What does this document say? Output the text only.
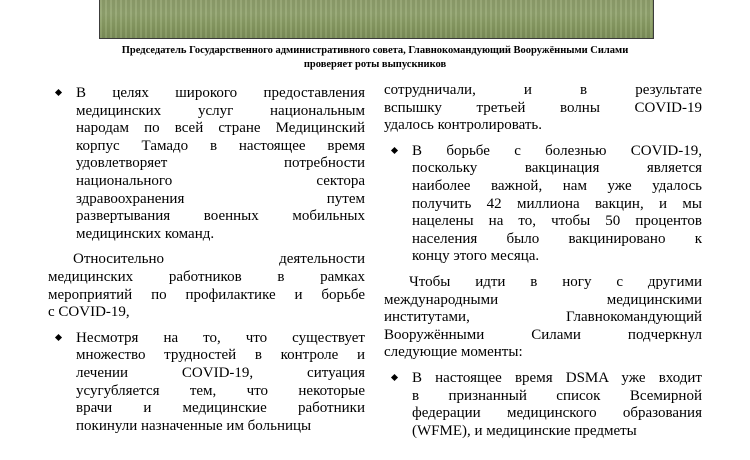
Председатель Государственного административного совета, Главнокомандующий Вооружёнными Силами
проверяет роты выпускников
В целях широкого предоставления
медицинских услуг национальным
народам по всей стране Медицинский
корпус Тамадо в настоящее время
удовлетворяет потребности
национального сектора
здравоохранения путем
развертывания военных мобильных
медицинских команд.
Относительно деятельности
медицинских работников в рамках
мероприятий по профилактике и борьбе
с COVID-19,
Несмотря на то, что существует
множество трудностей в контроле и
лечении COVID-19, ситуация
усугубляется тем, что некоторые
врачи и медицинские работники
покинули назначенные им больницы
сотрудничали, и в результате
вспышку третьей волны COVID-19
удалось контролировать.
В борьбе с болезнью COVID-19,
поскольку вакцинация является
наиболее важной, нам уже удалось
получить 42 миллиона вакцин, и мы
нацелены на то, чтобы 50 процентов
населения было вакцинировано к
концу этого месяца.
Чтобы идти в ногу с другими
международными медицинскими
институтами, Главнокомандующий
Вооружёнными Силами подчеркнул
следующие моменты:
В настоящее время DSMA уже входит
в признанный список Всемирной
федерации медицинского образования
(WFME), и медицинские предметы
